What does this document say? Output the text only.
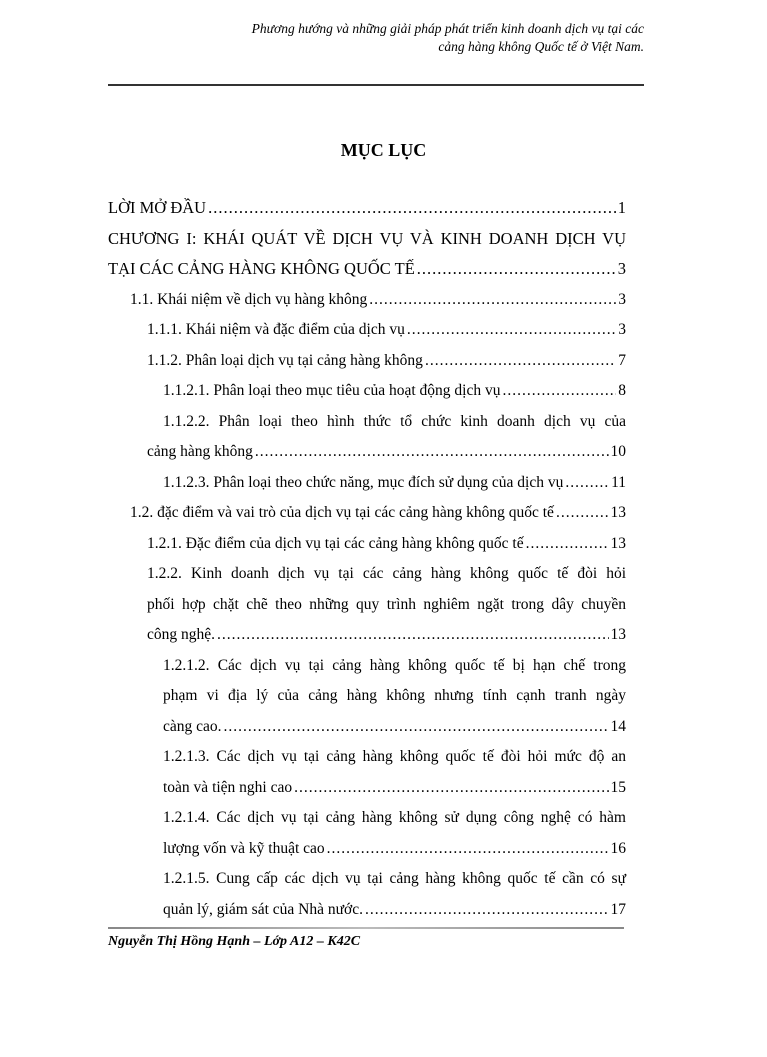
Phương hướng và những giải pháp phát triển kinh doanh dịch vụ tại các
cảng hàng không Quốc tế ở Việt Nam.
MỤC LỤC
LỜI MỞ ĐẦU .....	1
CHƯƠNG I: KHÁI QUÁT VỀ DỊCH VỤ VÀ KINH DOANH DỊCH VỤ
TẠI CÁC CẢNG HÀNG KHÔNG QUỐC TẾ .....	3
1.1. Khái niệm về dịch vụ hàng không .....	3
1.1.1. Khái niệm và đặc điểm của dịch vụ .....	3
1.1.2. Phân loại dịch vụ tại cảng hàng không .....	7
1.1.2.1. Phân loại theo mục tiêu của hoạt động dịch vụ .....	8
1.1.2.2. Phân loại theo hình thức tổ chức kinh doanh dịch vụ của
cảng hàng không .....	10
1.1.2.3. Phân loại theo chức năng, mục đích sử dụng của dịch vụ .....	11
1.2. đặc điểm và vai trò của dịch vụ tại các cảng hàng không quốc tế .....	13
1.2.1. Đặc điểm của dịch vụ tại các cảng hàng không quốc tế .....	13
1.2.2. Kinh doanh dịch vụ tại các cảng hàng không quốc tế đòi hỏi
phối hợp chặt chẽ theo những quy trình nghiêm ngặt trong dây chuyền
công nghệ. .....	13
1.2.1.2. Các dịch vụ tại cảng hàng không quốc tế bị hạn chế trong
phạm vi địa lý của cảng hàng không nhưng tính cạnh tranh ngày
càng cao. .....	14
1.2.1.3. Các dịch vụ tại cảng hàng không quốc tế đòi hỏi mức độ an
toàn và tiện nghi cao .....	15
1.2.1.4. Các dịch vụ tại cảng hàng không sử dụng công nghệ có hàm
lượng vốn và kỹ thuật cao .....	16
1.2.1.5. Cung cấp các dịch vụ tại cảng hàng không quốc tế cần có sự
quản lý, giám sát của Nhà nước. .....	17
Nguyễn Thị Hồng Hạnh – Lớp A12 – K42C
